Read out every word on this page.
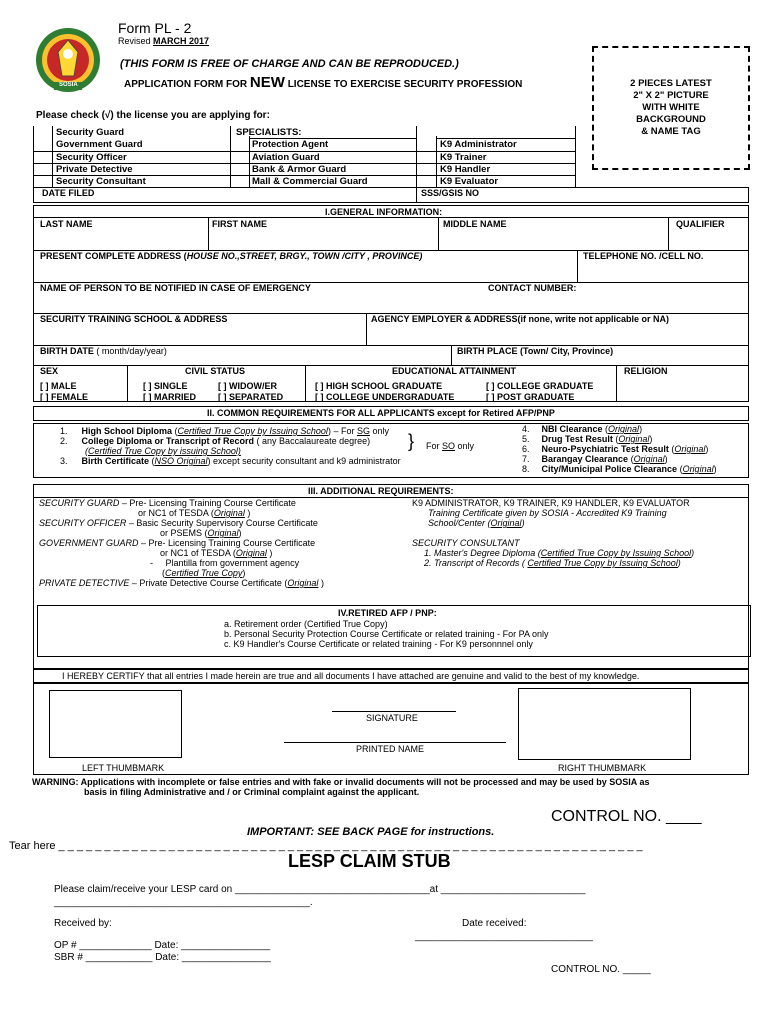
SOSIA
Form PL - 2
Revised MARCH 2017
(THIS FORM IS FREE OF CHARGE AND CAN BE REPRODUCED.)
APPLICATION FORM FOR NEW LICENSE TO EXERCISE SECURITY PROFESSION	2 PIECES LATEST
2" X 2" PICTURE
WITH WHITE
BACKGROUND
& NAME TAG
Please check (√) the license you are applying for:
Security Guard
Government Guard
Security Officer
Private Detective
Security Consultant
SPECIALISTS:
Protection Agent
Aviation Guard
Bank & Armor Guard
Mall & Commercial Guard
K9 Administrator
K9 Trainer
K9 Handler
K9 Evaluator
DATE FILED	SSS/GSIS NO
I.GENERAL INFORMATION:
LAST NAME	FIRST NAME	MIDDLE NAME	QUALIFIER
PRESENT COMPLETE ADDRESS (HOUSE NO.,STREET, BRGY., TOWN /CITY , PROVINCE)	TELEPHONE NO. /CELL NO.
NAME OF PERSON TO BE NOTIFIED IN CASE OF EMERGENCY	CONTACT NUMBER:
SECURITY TRAINING SCHOOL & ADDRESS	AGENCY EMPLOYER & ADDRESS(if none, write not applicable or NA)
BIRTH DATE ( month/day/year)	BIRTH PLACE (Town/ City, Province)
SEX	CIVIL STATUS	EDUCATIONAL ATTAINMENT	RELIGION
[ ] MALE
[ ] FEMALE
[ ] SINGLE
[ ] MARRIED
[ ] WIDOW/ER
[ ] SEPARATED
[ ] HIGH SCHOOL GRADUATE
[ ] COLLEGE UNDERGRADUATE
[ ] COLLEGE GRADUATE
[ ] POST GRADUATE
II. COMMON REQUIREMENTS FOR ALL APPLICANTS except for Retired AFP/PNP
1. High School Diploma (Certified True Copy by Issuing School) – For SG only
2. College Diploma or Transcript of Record ( any Baccalaureate degree)
(Certified True Copy by issuing School)	} For SO only
3. Birth Certificate (NSO Original) except security consultant and k9 administrator
4. NBI Clearance (Original)
5. Drug Test Result (Original)
6. Neuro-Psychiatric Test Result (Original)
7. Barangay Clearance (Original)
8. City/Municipal Police Clearance (Original)
III. ADDITIONAL REQUIREMENTS:
SECURITY GUARD – Pre- Licensing Training Course Certificate
or NC1 of TESDA (Original )
SECURITY OFFICER – Basic Security Supervisory Course Certificate
or PSEMS (Original)
GOVERNMENT GUARD – Pre- Licensing Training Course Certificate
or NC1 of TESDA (Original )
-     Plantilla from government agency
(Certified True Copy)
PRIVATE DETECTIVE – Private Detective Course Certificate (Original )
K9 ADMINISTRATOR, K9 TRAINER, K9 HANDLER, K9 EVALUATOR
Training Certificate given by SOSIA - Accredited K9 Training
School/Center (Original)
SECURITY CONSULTANT
1. Master's Degree Diploma (Certified True Copy by Issuing School)
2. Transcript of Records ( Certified True Copy by Issuing School)
IV.RETIRED AFP / PNP:
a. Retirement order (Certified True Copy)
b. Personal Security Protection Course Certificate or related training - For PA only
c. K9 Handler's Course Certificate or related training - For K9 personnnel only
I HEREBY CERTIFY that all entries I made herein are true and all documents I have attached are genuine and valid to the best of my knowledge.
SIGNATURE
PRINTED NAME
LEFT THUMBMARK	RIGHT THUMBMARK
WARNING: Applications with incomplete or false entries and with fake or invalid documents will not be processed and may be used by SOSIA as
basis in filing Administrative and / or Criminal complaint against the applicant.
CONTROL NO. ____
IMPORTANT: SEE BACK PAGE for instructions.
Tear here _ _ _ _ _ _ _ _ _ _ _ _ _ _ _ _ _ _ _ _ _ _ _ _ _ _ _ _ _ _ _ _ _ _ _ _ _ _ _ _ _ _ _ _ _ _ _ _ _ _ _ _ _ _ _ _ _ _ _ _ _ _ _ _
LESP CLAIM STUB
Please claim/receive your LESP card on ___________________________________at __________________________
______________________________________________.
Received by:	Date received:
________________________________
OP # _____________ Date: ________________
SBR # ____________ Date: ________________
CONTROL NO. _____
